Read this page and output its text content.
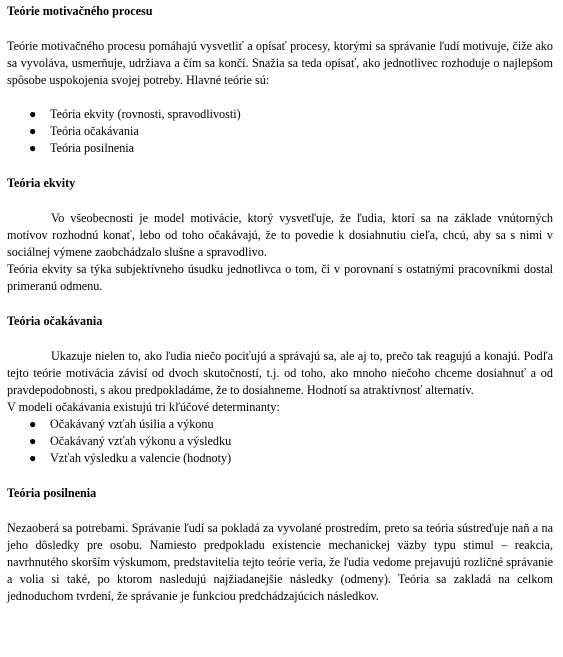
Teórie motivačného procesu

Teórie motivačného procesu pomáhajú vysvetliť a opísať procesy, ktorými sa správanie ľudí motivuje, čiže ako sa vyvoláva, usmerňuje, udržiava a čím sa končí. Snažia sa teda opísať, ako jednotlivec rozhoduje o najlepšom spôsobe uspokojenia svojej potreby. Hlavné teórie sú:

● Teória ekvity (rovnosti, spravodlivosti)
● Teória očakávania
● Teória posilnenia
Teória ekvity

Vo všeobecnosti je model motivácie, ktorý vysvetľuje, že ľudia, ktorí sa na základe vnútorných motívov rozhodnú konať, lebo od toho očakávajú, že to povedie k dosiahnutiu cieľa, chcú, aby sa s nimi v sociálnej výmene zaobchádzalo slušne a spravodlivo.

Teória ekvity sa týka subjektívneho úsudku jednotlivca o tom, či v porovnaní s ostatnými pracovníkmi dostal primeranú odmenu.

Teória očakávania

Ukazuje nielen to, ako ľudia niečo pociťujú a správajú sa, ale aj to, prečo tak reagujú a konajú. Podľa tejto teórie motivácia závisí od dvoch skutočností, t.j. od toho, ako mnoho niečoho chceme dosiahnuť a od pravdepodobnosti, s akou predpokladáme, že to dosiahneme. Hodnotí sa atraktívnosť alternatív.

V modeli očakávania existujú tri kľúčové determinanty:

● Očakávaný vzťah úsilia a výkonu
● Očakávaný vzťah výkonu a výsledku
● Vzťah výsledku a valencie (hodnoty)
Teória posilnenia

Nezaoberá sa potrebami. Správanie ľudí sa pokladá za vyvolané prostredím, preto sa teória sústreďuje naň a na jeho dôsledky pre osobu. Namiesto predpokladu existencie mechanickej väzby typu stimul – reakcia, navrhnutého skorším výskumom, predstavitelia tejto teórie veria, že ľudia vedome prejavujú rozličné správanie a volia si také, po ktorom nasledujú najžiadanejšie následky (odmeny). Teória sa zakladá na celkom jednoduchom tvrdení, že správanie je funkciou predchádzajúcich následkov.
